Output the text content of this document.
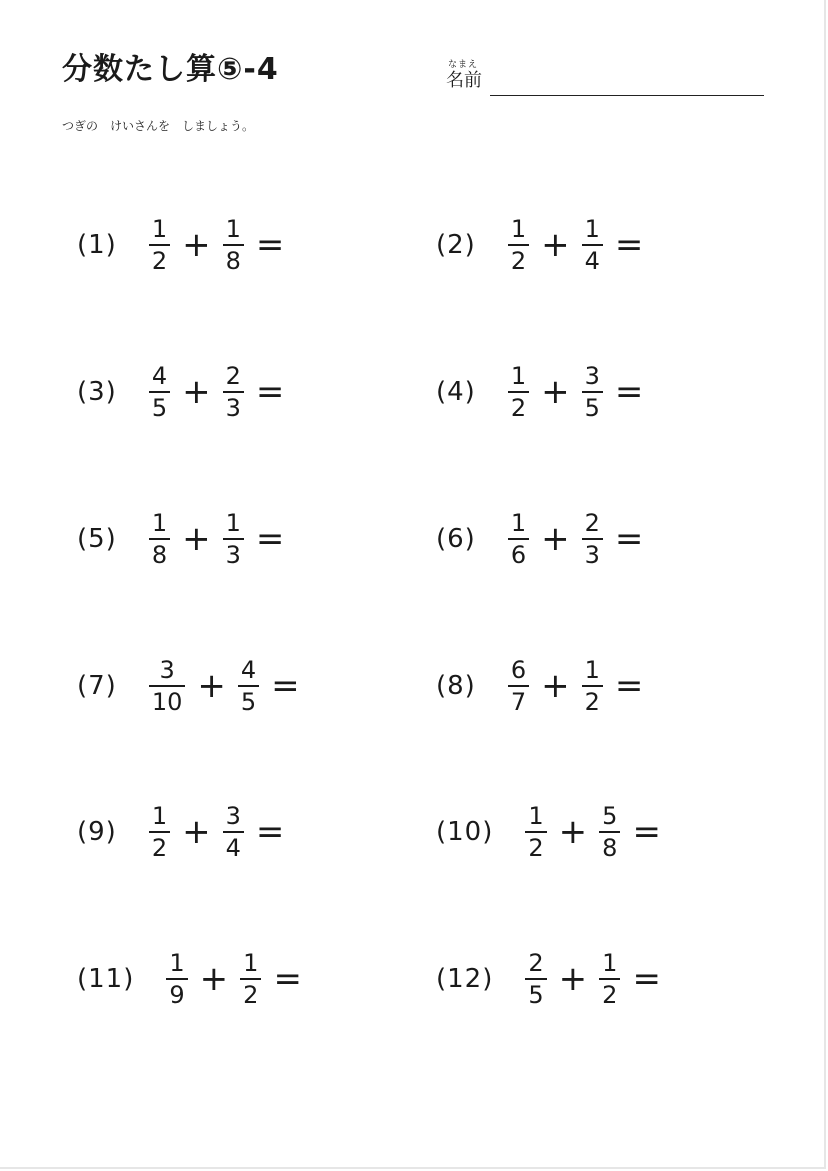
分数たし算⑤-4	なまえ
名前
つぎの　けいさんを　しましょう。
$(1) \frac{1}{2} + \frac{1}{8}$ =	$(2) \frac{1}{2} + \frac{1}{4}$ =
$(3) \frac{4}{5} + \frac{2}{3}$ =	$(4) \frac{1}{2} + \frac{3}{5}$ =
$(5) \frac{1}{8} + \frac{1}{3}$ =	$(6) \frac{1}{6} + \frac{2}{3}$ =
$(7) \frac{3}{10} + \frac{4}{5}$ =	$(8) \frac{6}{7} + \frac{1}{2}$ =
$(9) \frac{1}{2} + \frac{3}{4}$ =	$(10) \frac{1}{2} + \frac{5}{8}$ =
$(11) \frac{1}{9} + \frac{1}{2}$ =	$(12) \frac{2}{5} + \frac{1}{2}$ =
